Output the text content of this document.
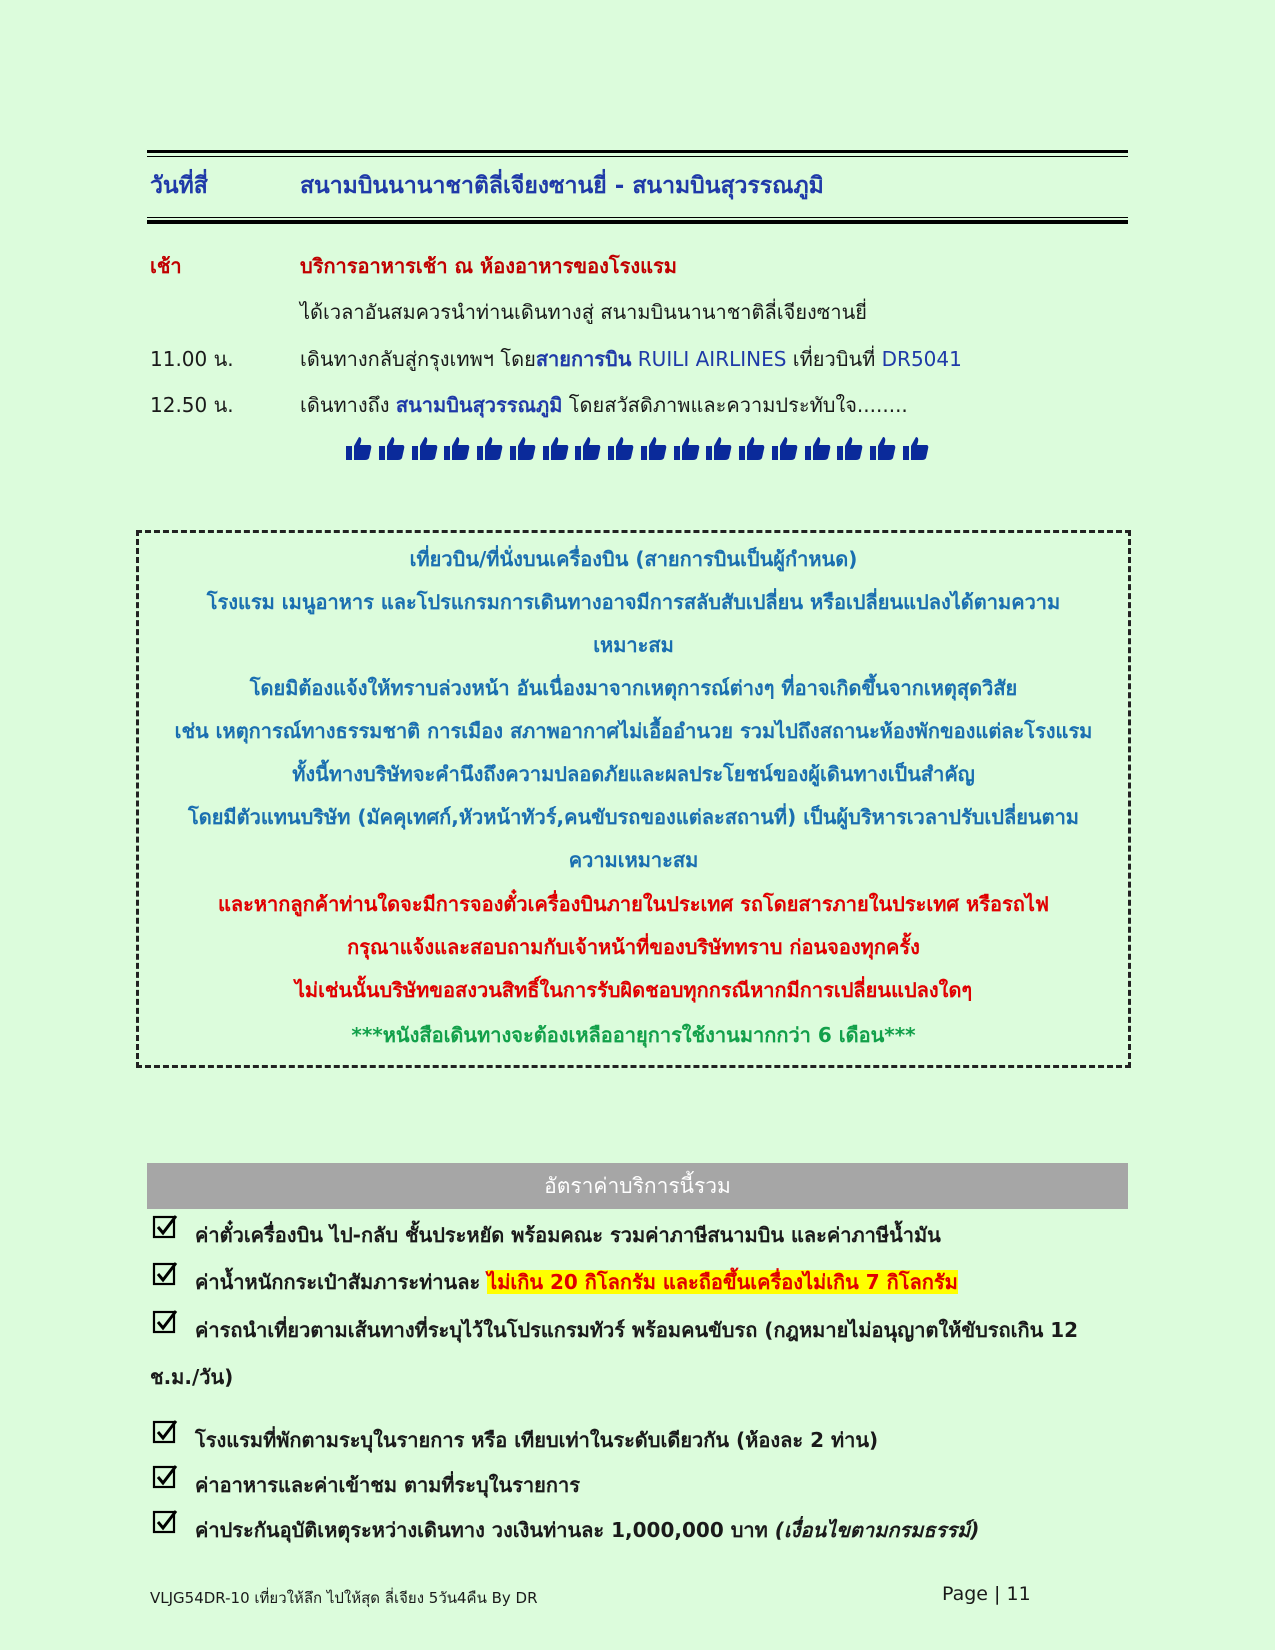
วันที่สี่	สนามบินนานาชาติลี่เจียงซานยี่ - สนามบินสุวรรณภูมิ
เช้า	บริการอาหารเช้า ณ ห้องอาหารของโรงแรม
ได้เวลาอันสมควรนำท่านเดินทางสู่ สนามบินนานาชาติลี่เจียงซานยี่
11.00 น.	เดินทางกลับสู่กรุงเทพฯ โดยสายการบิน RUILI AIRLINES เที่ยวบินที่ DR5041
12.50 น.	เดินทางถึง สนามบินสุวรรณภูมิ โดยสวัสดิภาพและความประทับใจ........
เที่ยวบิน/ที่นั่งบนเครื่องบิน (สายการบินเป็นผู้กำหนด)
โรงแรม เมนูอาหาร และโปรแกรมการเดินทางอาจมีการสลับสับเปลี่ยน หรือเปลี่ยนแปลงได้ตามความ
เหมาะสม
โดยมิต้องแจ้งให้ทราบล่วงหน้า อันเนื่องมาจากเหตุการณ์ต่างๆ ที่อาจเกิดขึ้นจากเหตุสุดวิสัย
เช่น เหตุการณ์ทางธรรมชาติ การเมือง สภาพอากาศไม่เอื้ออำนวย รวมไปถึงสถานะห้องพักของแต่ละโรงแรม
ทั้งนี้ทางบริษัทจะคำนึงถึงความปลอดภัยและผลประโยชน์ของผู้เดินทางเป็นสำคัญ
โดยมีตัวแทนบริษัท (มัคคุเทศก์,หัวหน้าทัวร์,คนขับรถของแต่ละสถานที่) เป็นผู้บริหารเวลาปรับเปลี่ยนตาม
ความเหมาะสม
และหากลูกค้าท่านใดจะมีการจองตั๋วเครื่องบินภายในประเทศ รถโดยสารภายในประเทศ หรือรถไฟ
กรุณาแจ้งและสอบถามกับเจ้าหน้าที่ของบริษัททราบ ก่อนจองทุกครั้ง
ไม่เช่นนั้นบริษัทขอสงวนสิทธิ์ในการรับผิดชอบทุกกรณีหากมีการเปลี่ยนแปลงใดๆ
***หนังสือเดินทางจะต้องเหลืออายุการใช้งานมากกว่า 6 เดือน***
อัตราค่าบริการนี้รวม
ค่าตั๋วเครื่องบิน ไป-กลับ ชั้นประหยัด พร้อมคณะ รวมค่าภาษีสนามบิน และค่าภาษีน้ำมัน
ค่าน้ำหนักกระเป๋าสัมภาระท่านละ ไม่เกิน 20 กิโลกรัม และถือขึ้นเครื่องไม่เกิน 7 กิโลกรัม
ค่ารถนำเที่ยวตามเส้นทางที่ระบุไว้ในโปรแกรมทัวร์ พร้อมคนขับรถ (กฎหมายไม่อนุญาตให้ขับรถเกิน 12
ช.ม./วัน)
โรงแรมที่พักตามระบุในรายการ หรือ เทียบเท่าในระดับเดียวกัน (ห้องละ 2 ท่าน)
ค่าอาหารและค่าเข้าชม ตามที่ระบุในรายการ
ค่าประกันอุบัติเหตุระหว่างเดินทาง วงเงินท่านละ 1,000,000 บาท (เงื่อนไขตามกรมธรรม์)
VLJG54DR-10 เที่ยวให้ลึก ไปให้สุด ลี่เจียง 5วัน4คืน By DR	Page | 11
